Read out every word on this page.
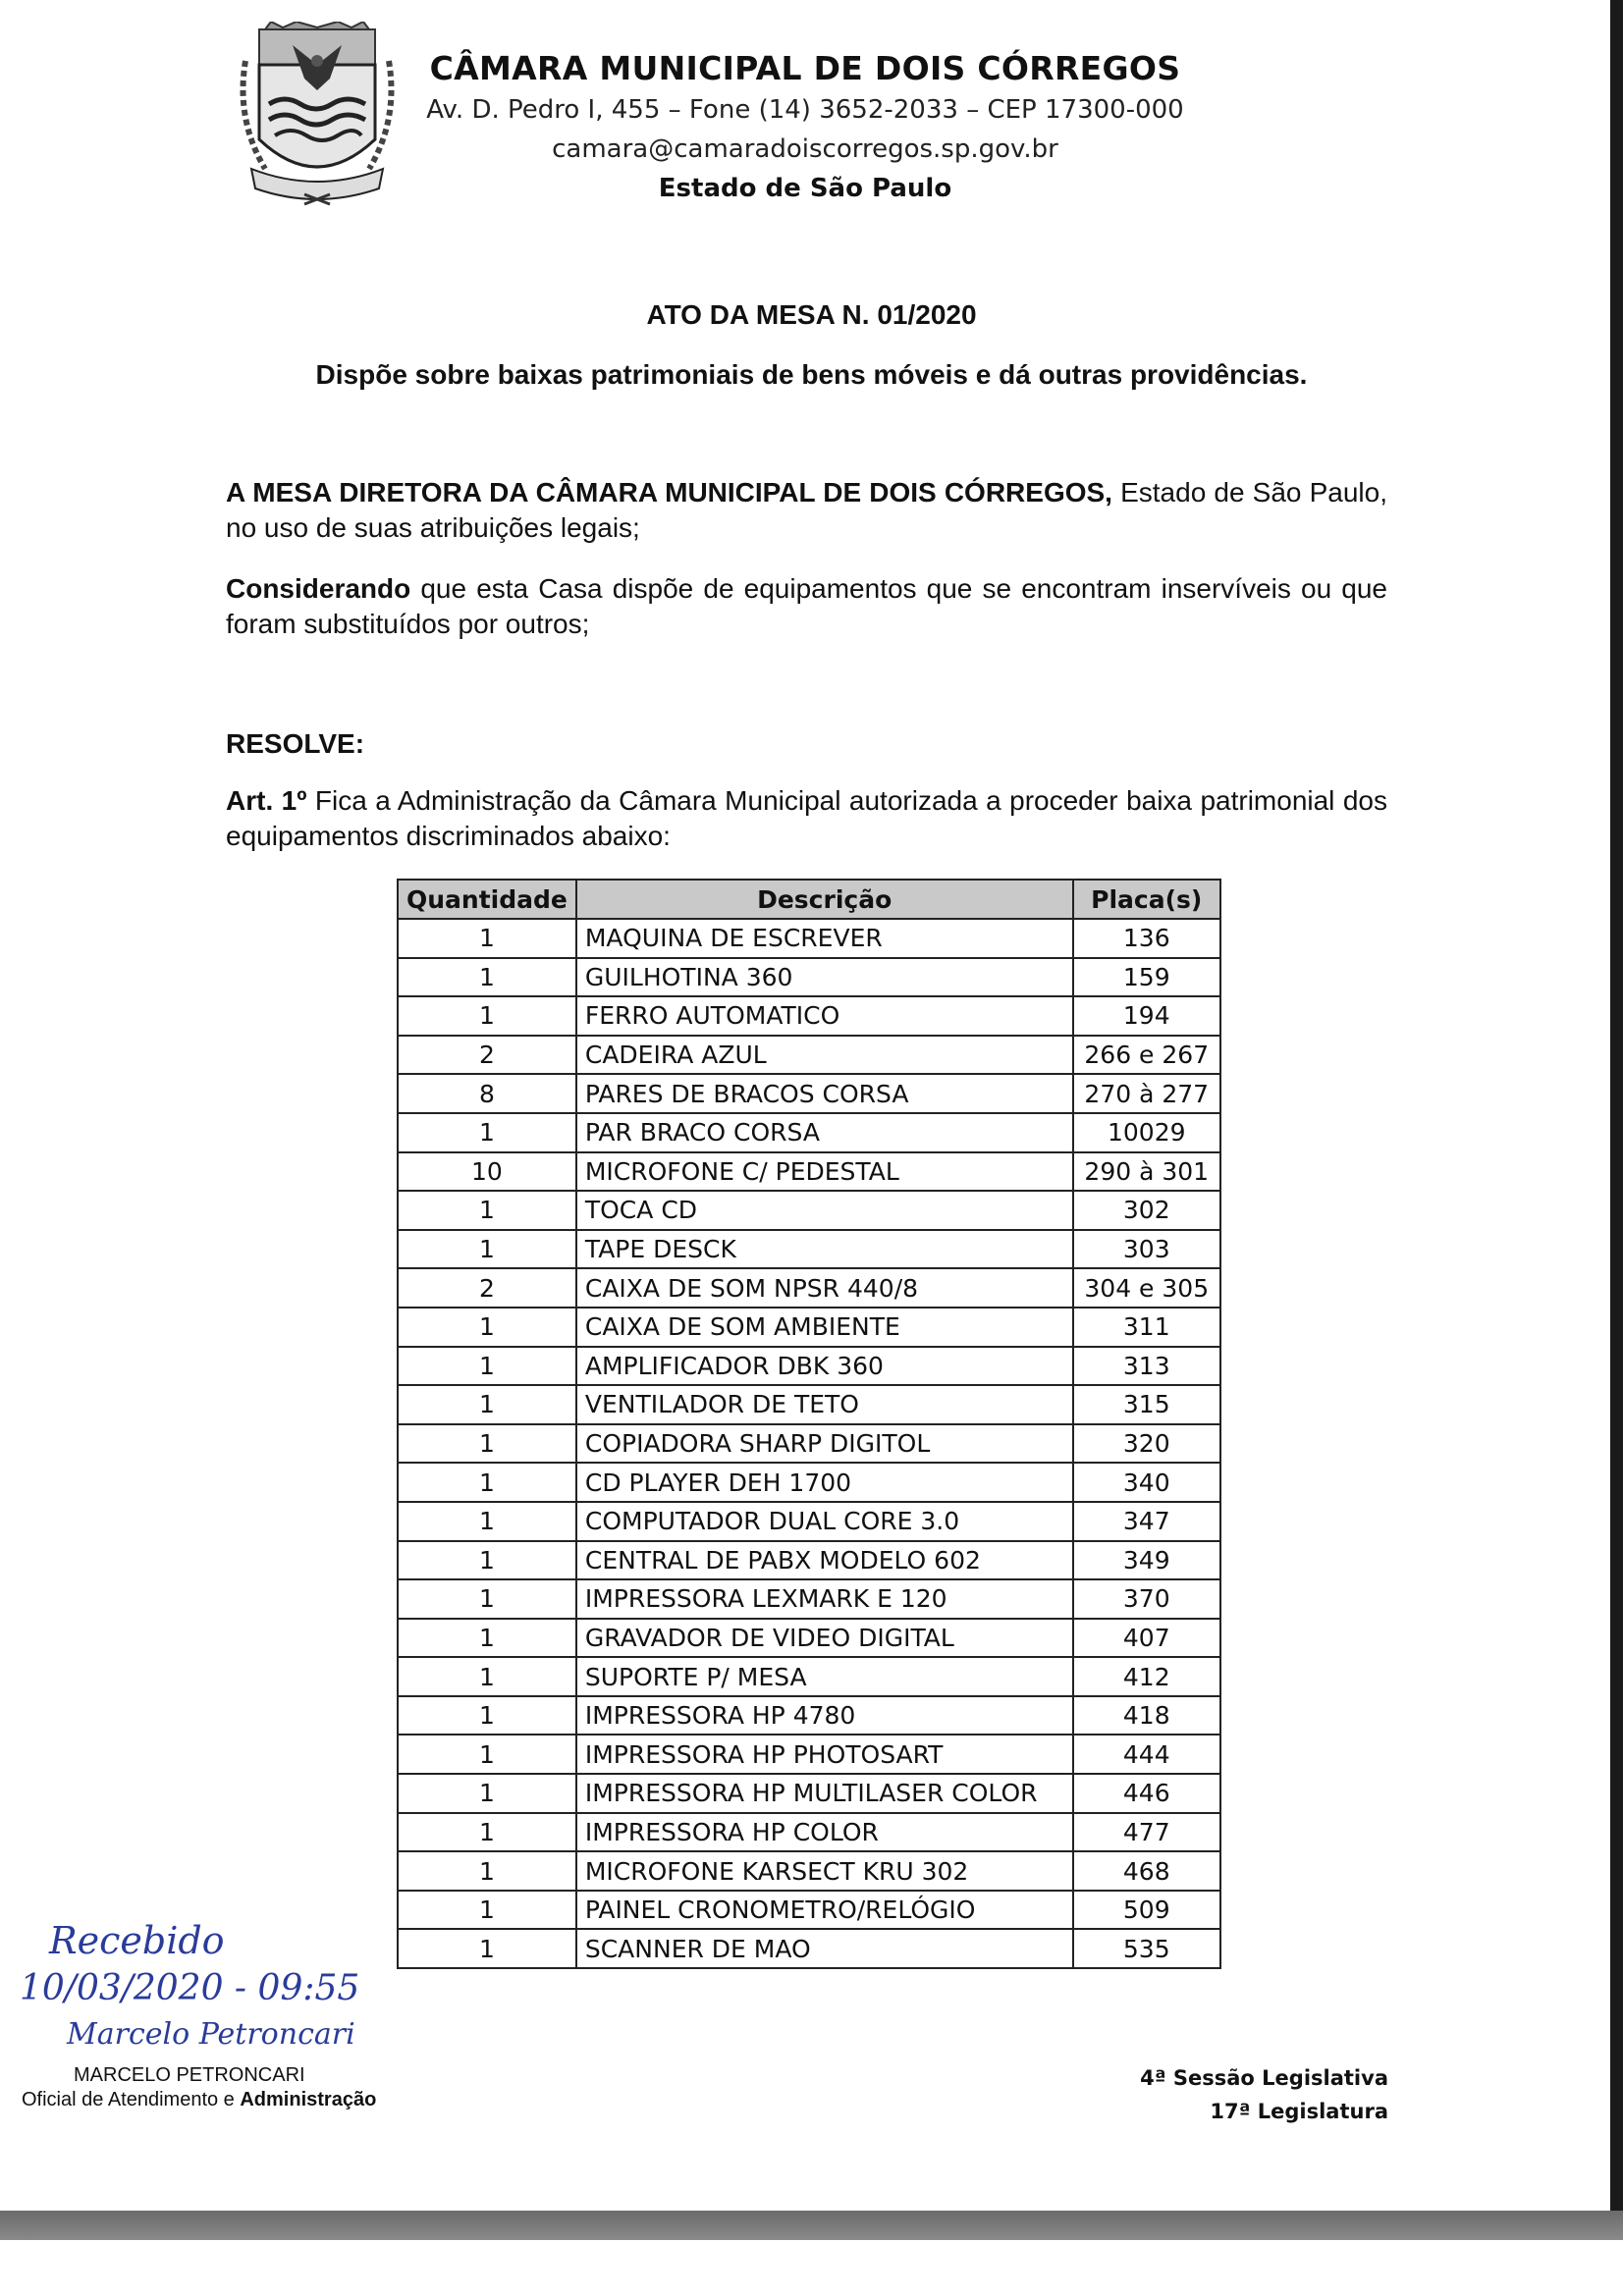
CÂMARA MUNICIPAL DE DOIS CÓRREGOS
Av. D. Pedro I, 455 – Fone (14) 3652-2033 – CEP 17300-000
camara@camaradoiscorregos.sp.gov.br
Estado de São Paulo
ATO DA MESA N. 01/2020
Dispõe sobre baixas patrimoniais de bens móveis e dá outras providências.
A MESA DIRETORA DA CÂMARA MUNICIPAL DE DOIS CÓRREGOS, Estado de São Paulo, no uso de suas atribuições legais;
Considerando que esta Casa dispõe de equipamentos que se encontram inservíveis ou que foram substituídos por outros;
RESOLVE:
Art. 1º Fica a Administração da Câmara Municipal autorizada a proceder baixa patrimonial dos equipamentos discriminados abaixo:
Quantidade	Descrição	Placa(s)
1	MAQUINA DE ESCREVER	136
1	GUILHOTINA 360	159
1	FERRO AUTOMATICO	194
2	CADEIRA AZUL	266 e 267
8	PARES DE BRACOS CORSA	270 à 277
1	PAR BRACO CORSA	10029
10	MICROFONE C/ PEDESTAL	290 à 301
1	TOCA CD	302
1	TAPE DESCK	303
2	CAIXA DE SOM NPSR 440/8	304 e 305
1	CAIXA DE SOM AMBIENTE	311
1	AMPLIFICADOR DBK 360	313
1	VENTILADOR DE TETO	315
1	COPIADORA SHARP DIGITOL	320
1	CD PLAYER DEH 1700	340
1	COMPUTADOR DUAL CORE 3.0	347
1	CENTRAL DE PABX MODELO 602	349
1	IMPRESSORA LEXMARK E 120	370
1	GRAVADOR DE VIDEO DIGITAL	407
1	SUPORTE P/ MESA	412
1	IMPRESSORA HP 4780	418
1	IMPRESSORA HP PHOTOSART	444
1	IMPRESSORA HP MULTILASER COLOR	446
1	IMPRESSORA HP COLOR	477
1	MICROFONE KARSECT KRU 302	468
1	PAINEL CRONOMETRO/RELÓGIO	509
1	SCANNER DE MAO	535
Recebido
10/03/2020 - 09:55
Marcelo Petroncari
MARCELO PETRONCARI
Oficial de Atendimento e Administração
4ª Sessão Legislativa
17ª Legislatura
